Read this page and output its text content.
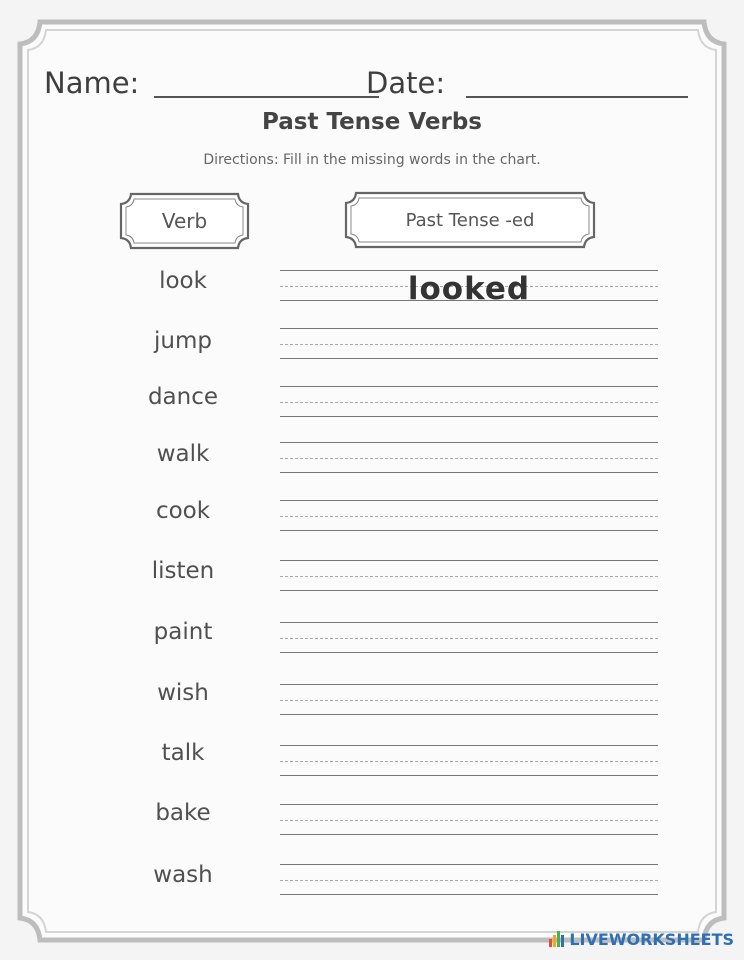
Name:	Date:
Past Tense Verbs
Directions: Fill in the missing words in the chart.
Verb	Past Tense -ed
look	looked
jump
dance
walk
cook
listen
paint
wish
talk
bake
wash
LIVEWORKSHEETS
